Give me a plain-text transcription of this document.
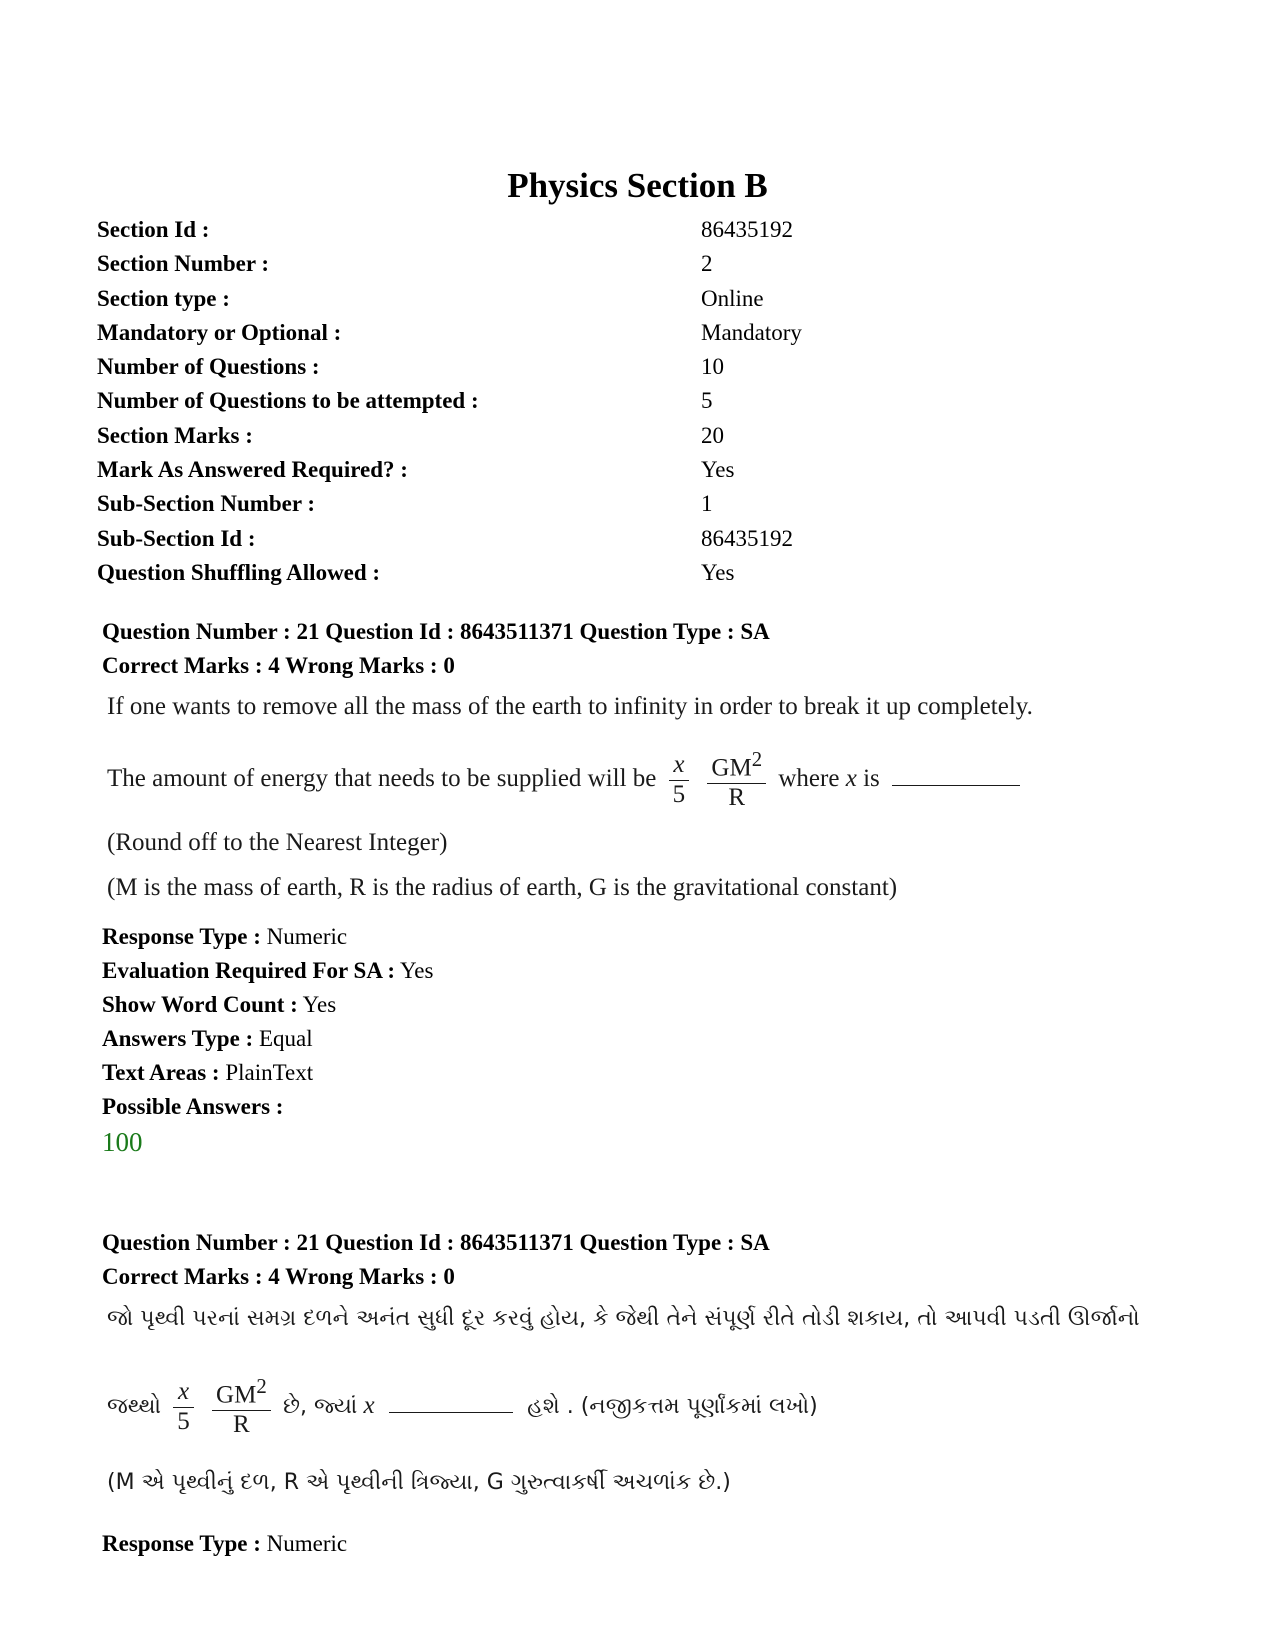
Physics Section B
Section Id :	86435192
Section Number :	2
Section type :	Online
Mandatory or Optional :	Mandatory
Number of Questions :	10
Number of Questions to be attempted :	5
Section Marks :	20
Mark As Answered Required? :	Yes
Sub-Section Number :	1
Sub-Section Id :	86435192
Question Shuffling Allowed :	Yes
Question Number : 21 Question Id : 8643511371 Question Type : SA
Correct Marks : 4 Wrong Marks : 0
If one wants to remove all the mass of the earth to infinity in order to break it up completely.
The amount of energy that needs to be supplied will be $\frac{x}{5}$
$\frac{GM^2}{R}$ where x is
(Round off to the Nearest Integer)
(M is the mass of earth, R is the radius of earth, G is the gravitational constant)
Response Type : Numeric
Evaluation Required For SA : Yes
Show Word Count : Yes
Answers Type : Equal
Text Areas : PlainText
Possible Answers :
100
Question Number : 21 Question Id : 8643511371 Question Type : SA
Correct Marks : 4 Wrong Marks : 0
જો પૃથ્વી પરનાં સમગ્ર દળને અનંત સુધી દૂર કરવું હોય, કે જેથી તેને સંપૂર્ણ રીતે તોડી શકાય, તો આપવી પડતી ઊર્જાનો
જથ્થો $\frac{x}{5}$
$\frac{GM^2}{R}$ છે, જ્યાં x	હશે . (નજીકત્તમ પૂર્ણાંકમાં લખો)
(M એ પૃથ્વીનું દળ, R એ પૃથ્વીની ત્રિજ્યા, G ગુરુત્વાકર્ષી અચળાંક છે.)
Response Type : Numeric
